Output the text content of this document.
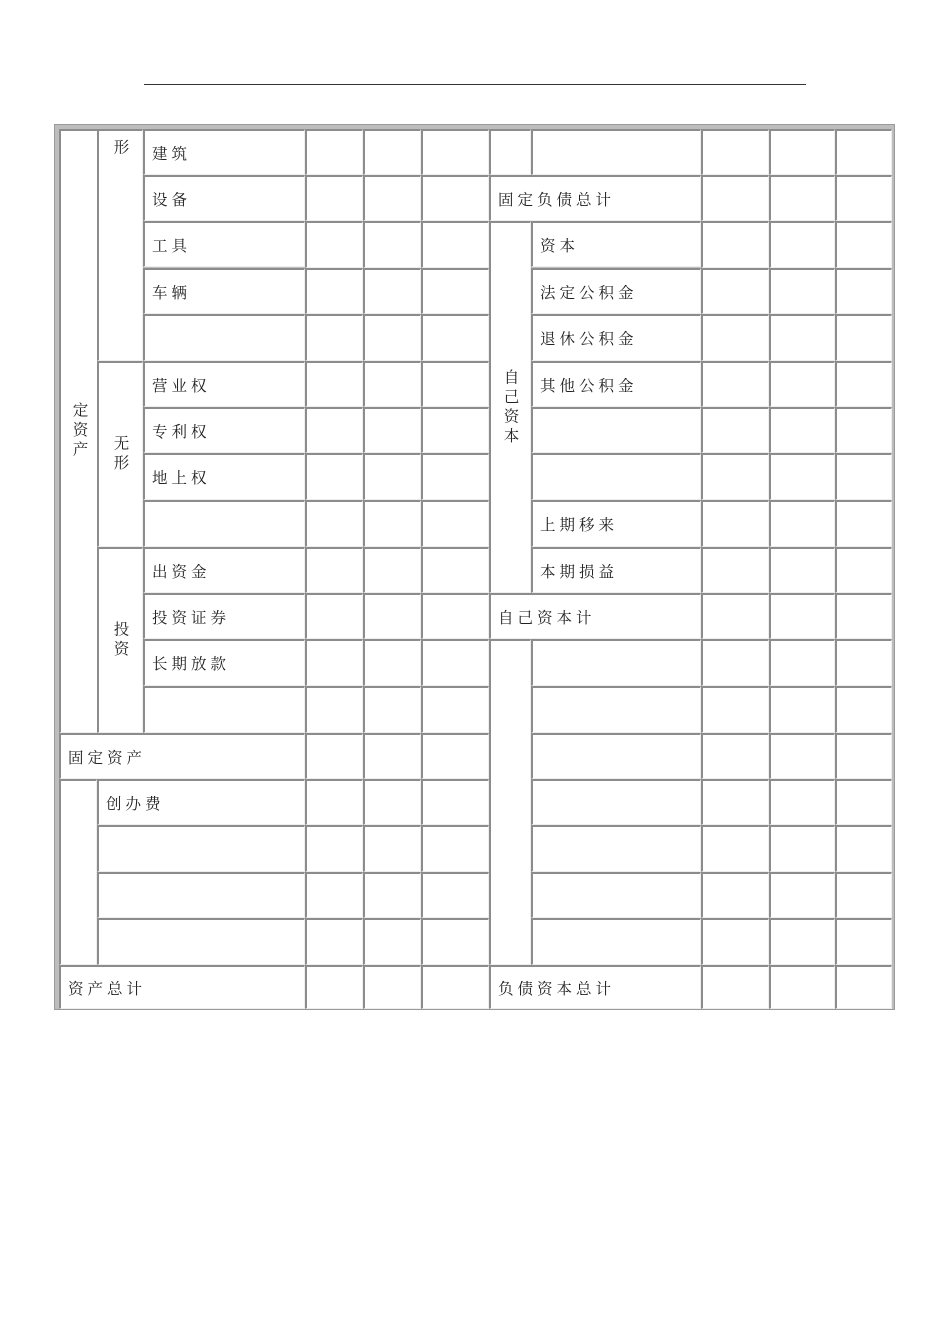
定资产
形
无形
投资
建筑
设备
工具
车辆
营业权
专利权
地上权
出资金
投资证券
长期放款
固定资产
创办费
资产总计
固定负债总计
自己资本
资本
法定公积金
退休公积金
其他公积金
上期移来
本期损益
自己资本计
负债资本总计
